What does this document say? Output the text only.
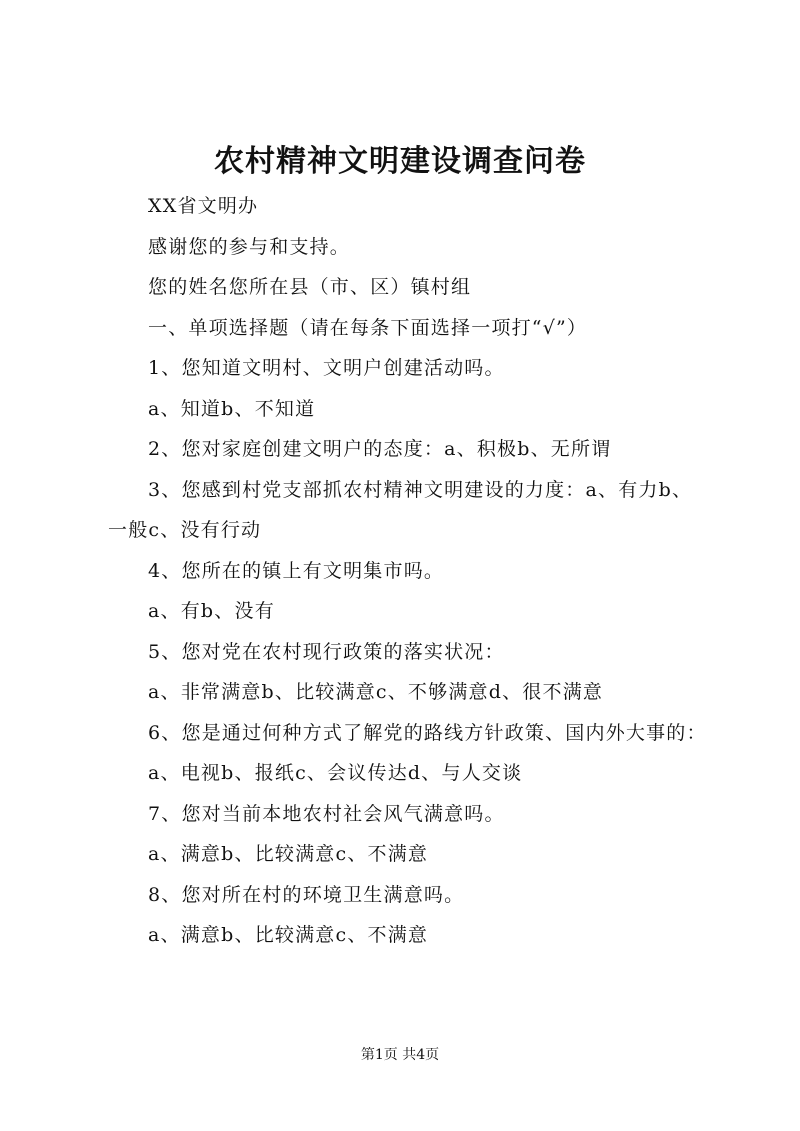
农村精神文明建设调查问卷

XX省文明办

感谢您的参与和支持。

您的姓名您所在县（市、区）镇村组

一、单项选择题（请在每条下面选择一项打“√”）

1、您知道文明村、文明户创建活动吗。

a、知道b、不知道

2、您对家庭创建文明户的态度：a、积极b、无所谓

3、您感到村党支部抓农村精神文明建设的力度：a、有力b、一般c、没有行动

4、您所在的镇上有文明集市吗。

a、有b、没有

5、您对党在农村现行政策的落实状况：

a、非常满意b、比较满意c、不够满意d、很不满意

6、您是通过何种方式了解党的路线方针政策、国内外大事的：

a、电视b、报纸c、会议传达d、与人交谈

7、您对当前本地农村社会风气满意吗。

a、满意b、比较满意c、不满意

8、您对所在村的环境卫生满意吗。

a、满意b、比较满意c、不满意

第1页 共4页
